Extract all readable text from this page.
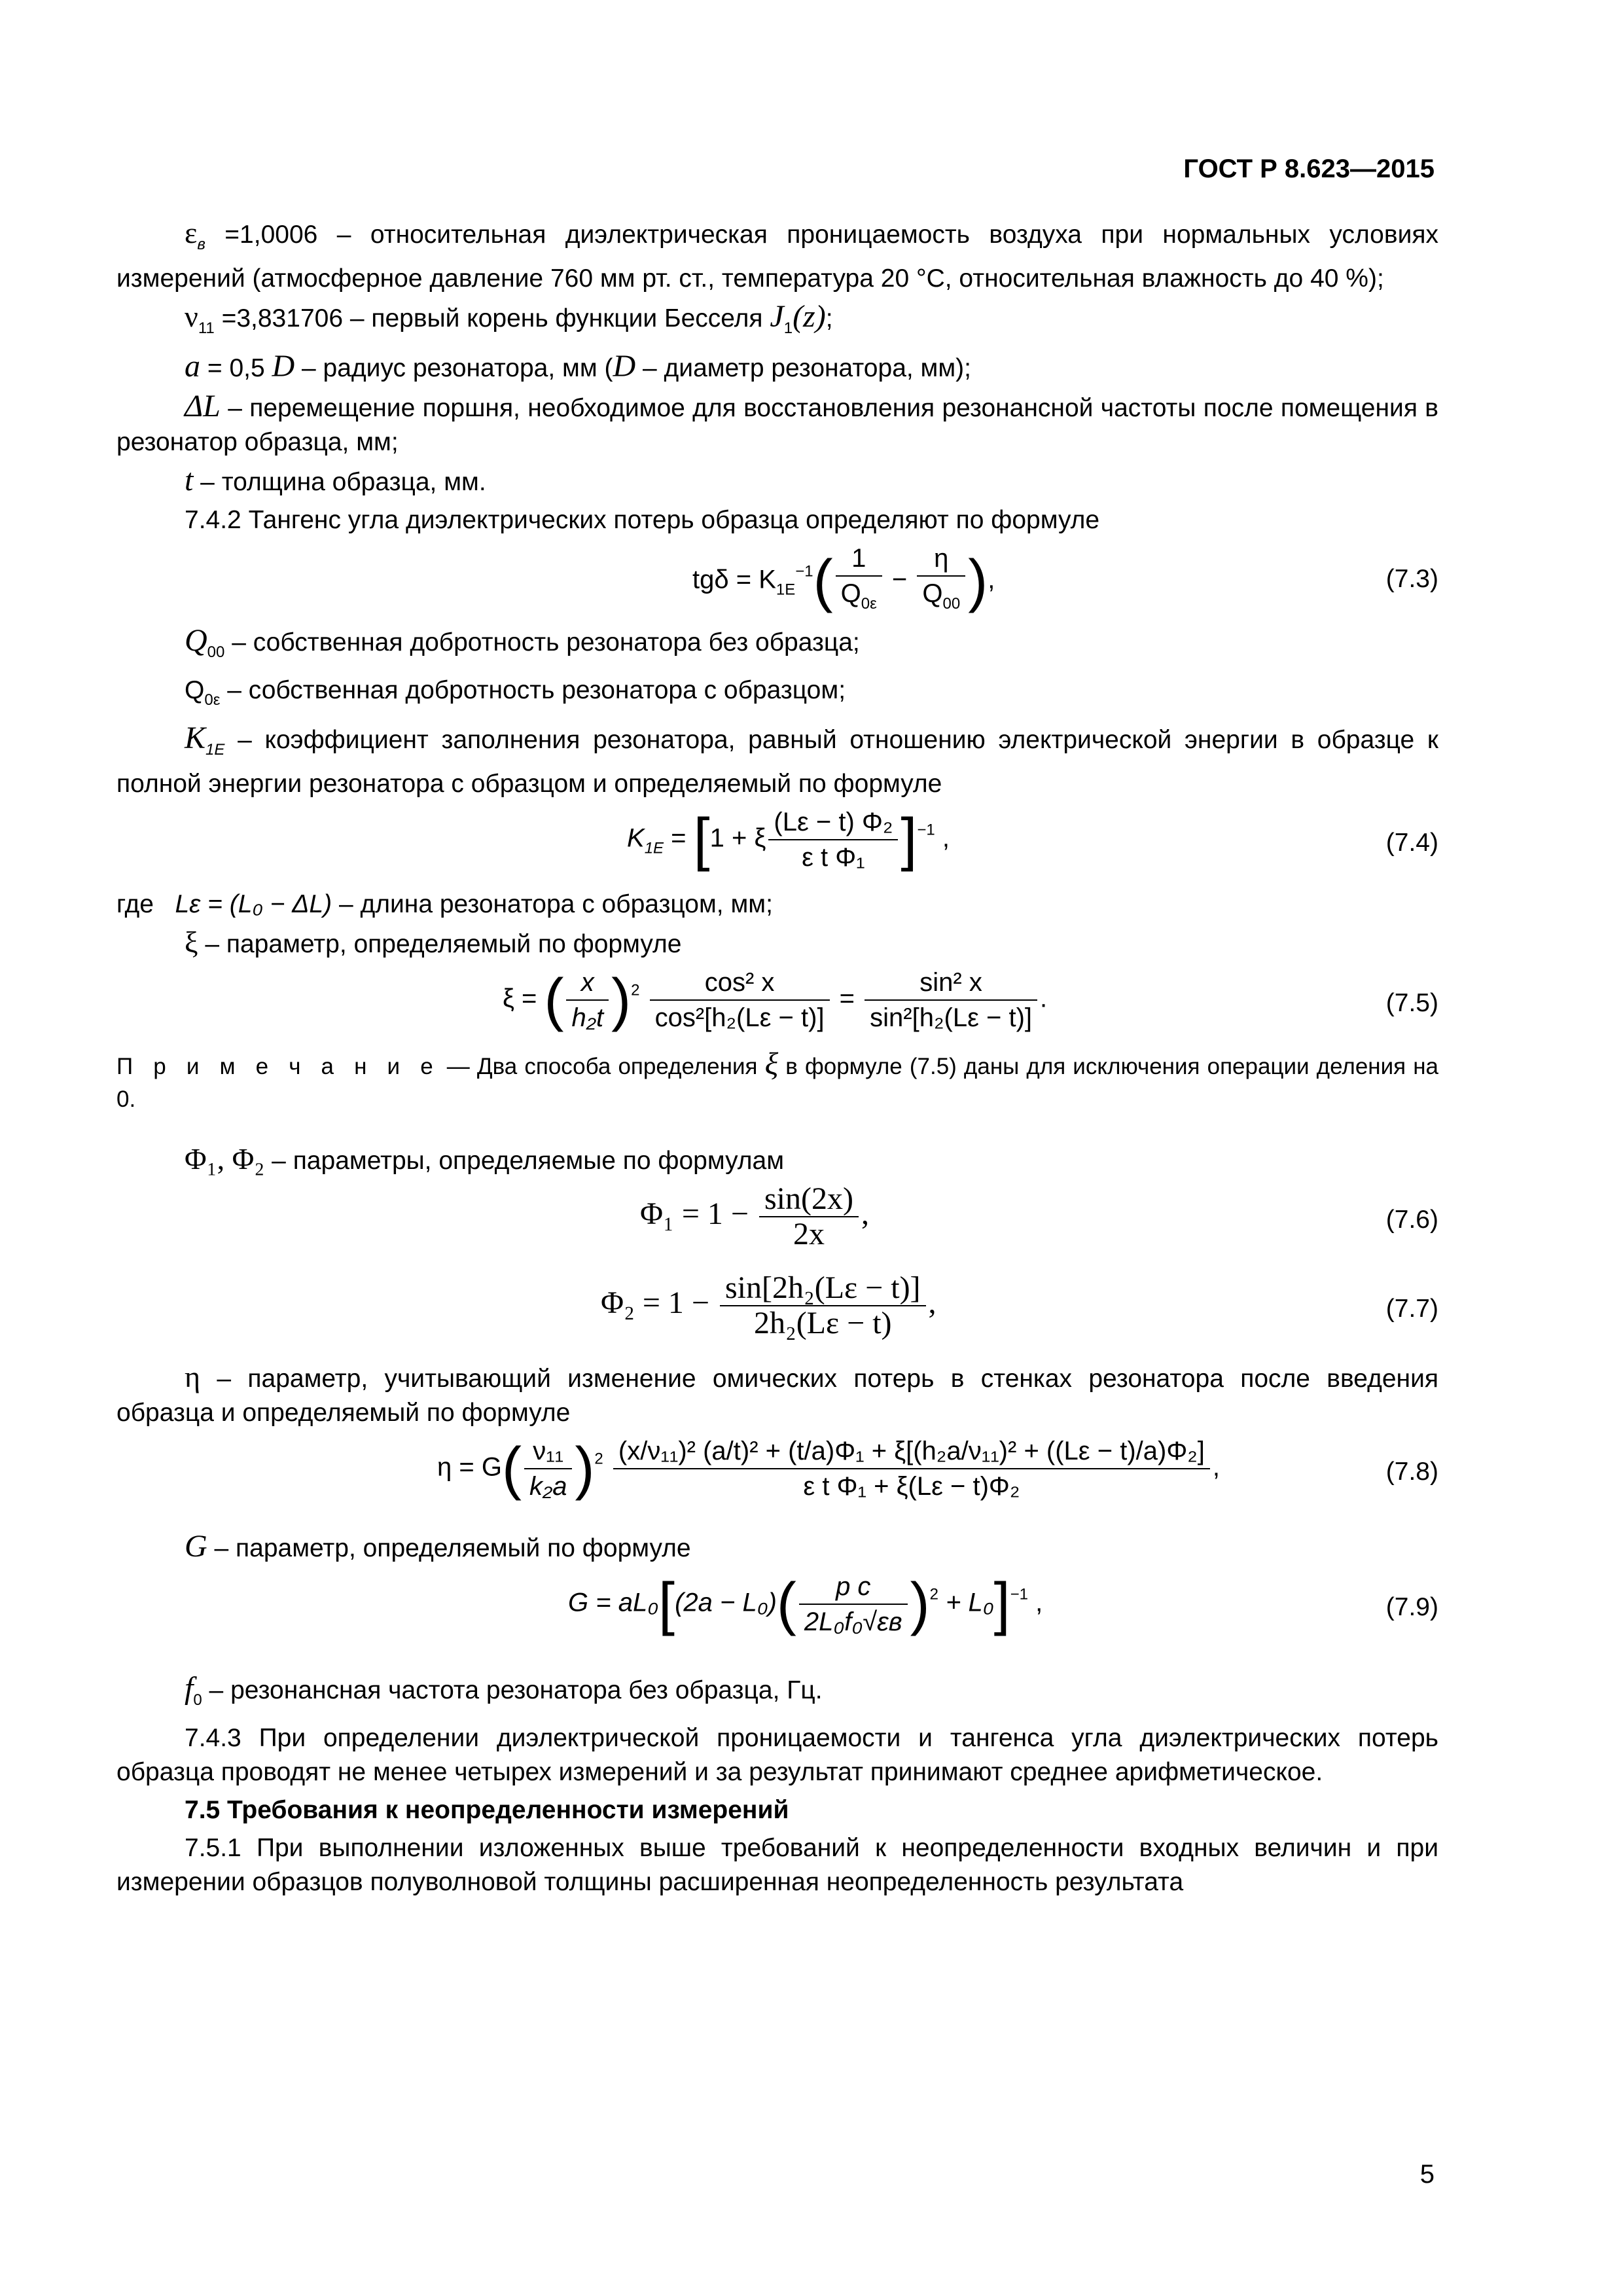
ГОСТ Р 8.623—2015

$\varepsilon_в =1,0006$ – относительная диэлектрическая проницаемость воздуха при нормальных условиях измерений (атмосферное давление 760 мм рт. ст., температура 20 °С, относительная влажность до 40 %);

$\nu_{11} =3,831706$ – первый корень функции Бесселя $J_1(z)$;

a = 0,5 D – радиус резонатора, мм (D – диаметр резонатора, мм);

ΔL – перемещение поршня, необходимое для восстановления резонансной частоты после помещения в резонатор образца, мм;

t – толщина образца, мм.

7.4.2 Тангенс угла диэлектрических потерь образца определяют по формуле

$tg\delta = K_{1E}^{-1}( \frac{1}{Q_{0\varepsilon}} - \frac{\eta}{Q_{00}}$ ),	(7.3)

$Q_{00}$ – собственная добротность резонатора без образца;

$Q_{0\varepsilon}$ – собственная добротность резонатора с образцом;

$K_{1E}$ – коэффициент заполнения резонатора, равный отношению электрической энергии в образце к полной энергии резонатора с образцом и определяемый по формуле

$K_{1E} = [1 + \xi \frac{\text{(Lε − t) Φ₂}}{\text{ε t Φ₁}} ]^{-1}$ ,	(7.4)

где Lε = (L₀ − ΔL) – длина резонатора с образцом, мм;

ξ – параметр, определяемый по формуле

ξ = ( $\frac{x}{\text{h₂t}} )^2 \frac{\text{cos² x}}{\text{cos²[h₂(Lε − t)]}} = \frac{\text{sin² x}}{\text{sin²[h₂(Lε − t)]}}$ .	(7.5)

П р и м е ч а н и е — Два способа определения ξ в формуле (7.5) даны для исключения операции деления на 0.

Φ₁, Φ₂ – параметры, определяемые по формулам

$\Phi_1 = 1 - \frac{\sin(2x)}{2x}$ ,	(7.6)
$\Phi_2 = 1 - \frac{\text{sin[2h₂(Lε − t)]}}{\text{2h₂(Lε − t)}}$ ,	(7.7)

η – параметр, учитывающий изменение омических потерь в стенках резонатора после введения образца и определяемый по формуле

$\eta = G( \frac{\text{ν₁₁}}{\text{k₂a}} )^2 \frac{\text{(x/ν₁₁)² (a/t)² + (t/a)Φ₁ + ξ[(h₂a/ν₁₁)² + ((Lε − t)/a)Φ₂]}}{\text{ε t Φ₁ + ξ(Lε − t)Φ₂}}$ ,	(7.8)

G – параметр, определяемый по формуле

$G = aL_0[(2a - L_0)( \frac{\text{p c}}{\text{2L₀f₀√εв}} )^2 + L_0]^{-1}$ ,	(7.9)

$f_0$ – резонансная частота резонатора без образца, Гц.

7.4.3 При определении диэлектрической проницаемости и тангенса угла диэлектрических потерь образца проводят не менее четырех измерений и за результат принимают среднее арифметическое.

7.5 Требования к неопределенности измерений

7.5.1 При выполнении изложенных выше требований к неопределенности входных величин и при измерении образцов полуволновой толщины расширенная неопределенность результата

5
